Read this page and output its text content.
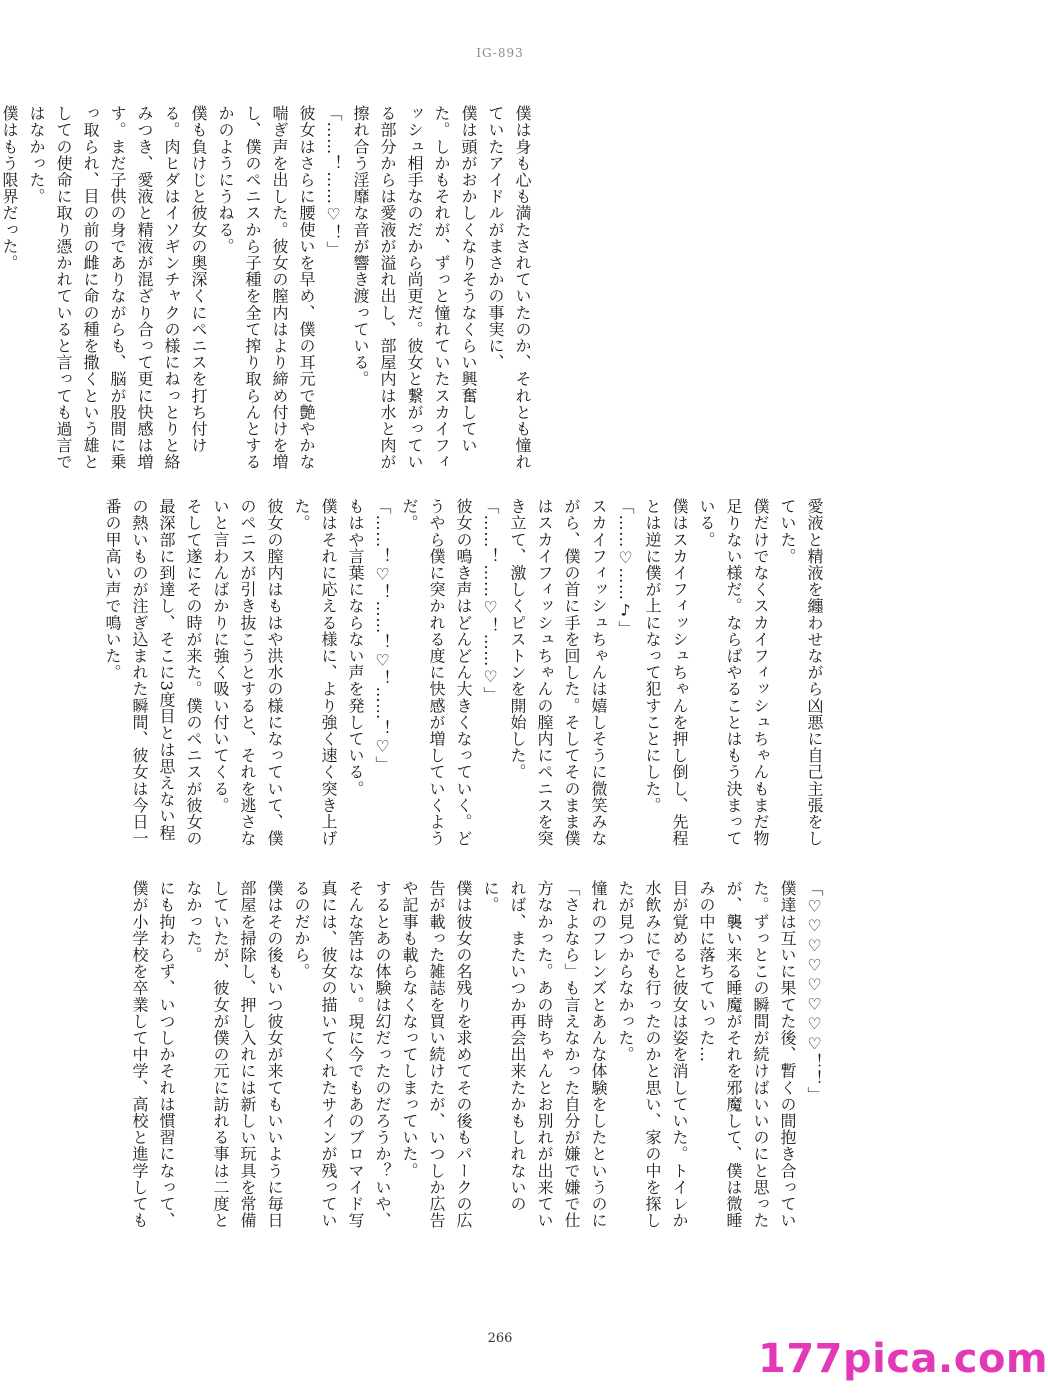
IG-893

僕は身も心も満たされていたのか、それとも憧れていたアイドルがまさかの事実に、

僕は頭がおかしくなりそうなくらい興奮していた。しかもそれが、ずっと憧れていたスカイフィッシュ相手なのだから尚更だ。彼女と繋がっている部分からは愛液が溢れ出し、部屋内は水と肉が擦れ合う淫靡な音が響き渡っている。

「……！……♡！」

彼女はさらに腰使いを早め、僕の耳元で艶やかな喘ぎ声を出した。彼女の膣内はより締め付けを増し、僕のペニスから子種を全て搾り取らんとするかのようにうねる。

僕も負けじと彼女の奥深くにペニスを打ち付ける。肉ヒダはイソギンチャクの様にねっとりと絡みつき、愛液と精液が混ざり合って更に快感は増す。まだ子供の身でありながらも、脳が股間に乗っ取られ、目の前の雌に命の種を撒くという雄としての使命に取り憑かれていると言っても過言ではなかった。

僕はもう限界だった。

愛液と精液を纏わせながら凶悪に自己主張をしていた。

僕だけでなくスカイフィッシュちゃんもまだ物足りない様だ。ならばやることはもう決まっている。

僕はスカイフィッシュちゃんを押し倒し、先程とは逆に僕が上になって犯すことにした。

「……♡……♪」

スカイフィッシュちゃんは嬉しそうに微笑みながら、僕の首に手を回した。そしてそのまま僕はスカイフィッシュちゃんの膣内にペニスを突き立て、激しくピストンを開始した。

「……！……♡！……♡」

彼女の鳴き声はどんどん大きくなっていく。どうやら僕に突かれる度に快感が増していくようだ。

「……！♡！……！♡！……！♡」

もはや言葉にならない声を発している。

僕はそれに応える様に、より強く速く突き上げた。

彼女の膣内はもはや洪水の様になっていて、僕のペニスが引き抜こうとすると、それを逃さないと言わんばかりに強く吸い付いてくる。

そして遂にその時が来た。僕のペニスが彼女の最深部に到達し、そこに3度目とは思えない程の熱いものが注ぎ込まれた瞬間、彼女は今日一番の甲高い声で鳴いた。

「♡♡♡♡♡♡♡♡！！」

僕達は互いに果てた後、暫くの間抱き合っていた。ずっとこの瞬間が続けばいいのにと思ったが、襲い来る睡魔がそれを邪魔して、僕は微睡みの中に落ちていった…

目が覚めると彼女は姿を消していた。トイレか水飲みにでも行ったのかと思い、家の中を探したが見つからなかった。

憧れのフレンズとあんな体験をしたというのに「さよなら」も言えなかった自分が嫌で嫌で仕方なかった。あの時ちゃんとお別れが出来ていれば、またいつか再会出来たかもしれないのに。

僕は彼女の名残りを求めてその後もパークの広告が載った雑誌を買い続けたが、いつしか広告や記事も載らなくなってしまっていた。

するとあの体験は幻だったのだろうか？いや、そんな筈はない。現に今でもあのブロマイド写真には、彼女の描いてくれたサインが残っているのだから。

僕はその後もいつ彼女が来てもいいように毎日部屋を掃除し、押し入れには新しい玩具を常備していたが、彼女が僕の元に訪れる事は二度となかった。

にも拘わらず、いつしかそれは慣習になって、僕が小学校を卒業して中学、高校と進学しても

266	177pica.com
